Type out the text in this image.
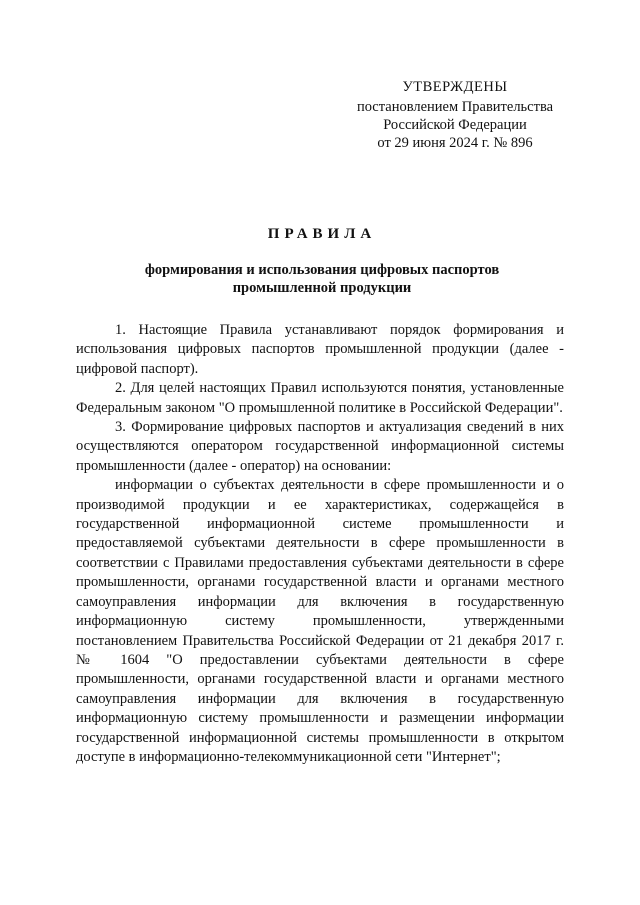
УТВЕРЖДЕНЫ
постановлением Правительства
Российской Федерации
от 29 июня 2024 г. № 896
ПРАВИЛА
формирования и использования цифровых паспортов
промышленной продукции

1. Настоящие Правила устанавливают порядок формирования и использования цифровых паспортов промышленной продукции (далее - цифровой паспорт).

2. Для целей настоящих Правил используются понятия, установленные Федеральным законом "О промышленной политике в Российской Федерации".

3. Формирование цифровых паспортов и актуализация сведений в них осуществляются оператором государственной информационной системы промышленности (далее - оператор) на основании:

информации о субъектах деятельности в сфере промышленности и о производимой продукции и ее характеристиках, содержащейся в государственной информационной системе промышленности и предоставляемой субъектами деятельности в сфере промышленности в соответствии с Правилами предоставления субъектами деятельности в сфере промышленности, органами государственной власти и органами местного самоуправления информации для включения в государственную информационную систему промышленности, утвержденными постановлением Правительства Российской Федерации от 21 декабря 2017 г. № 1604 "О предоставлении субъектами деятельности в сфере промышленности, органами государственной власти и органами местного самоуправления информации для включения в государственную информационную систему промышленности и размещении информации государственной информационной системы промышленности в открытом доступе в информационно-телекоммуникационной сети "Интернет";
